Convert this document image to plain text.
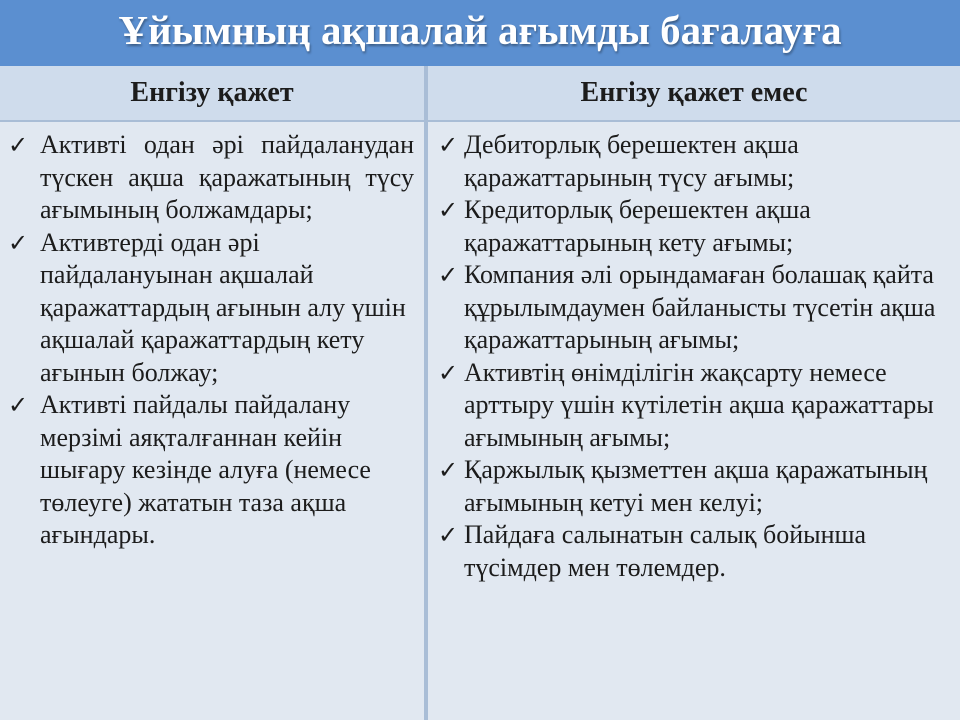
Ұйымның ақшалай ағымды бағалауға
Енгізу қажет	Енгізу қажет емес
✓ Активті одан әрі пайдаланудан түскен ақша қаражатының түсу ағымының болжамдары;
✓ Активтерді одан әрі пайдалануынан ақшалай қаражаттардың ағынын алу үшін ақшалай қаражаттардың кету ағынын болжау;
✓ Активті пайдалы пайдалану мерзімі аяқталғаннан кейін шығару кезінде алуға (немесе төлеуге) жататын таза ақша ағындары.
✓ Дебиторлық берешектен ақша қаражаттарының түсу ағымы;
✓ Кредиторлық берешектен ақша қаражаттарының кету ағымы;
✓ Компания әлі орындамаған болашақ қайта құрылымдаумен байланысты түсетін ақша қаражаттарының ағымы;
✓ Активтің өнімділігін жақсарту немесе арттыру үшін күтілетін ақша қаражаттары ағымының ағымы;
✓ Қаржылық қызметтен ақша қаражатының ағымының кетуі мен келуі;
✓ Пайдаға салынатын салық бойынша түсімдер мен төлемдер.
